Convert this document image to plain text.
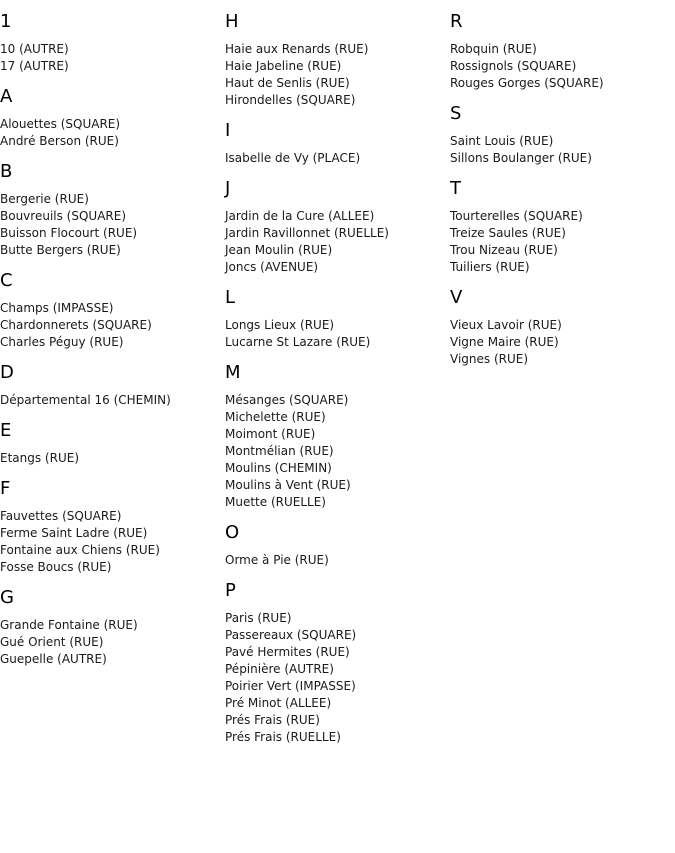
1
10 (AUTRE)
17 (AUTRE)
A
Alouettes (SQUARE)
André Berson (RUE)
B
Bergerie (RUE)
Bouvreuils (SQUARE)
Buisson Flocourt (RUE)
Butte Bergers (RUE)
C
Champs (IMPASSE)
Chardonnerets (SQUARE)
Charles Péguy (RUE)
D
Départemental 16 (CHEMIN)
E
Etangs (RUE)
F
Fauvettes (SQUARE)
Ferme Saint Ladre (RUE)
Fontaine aux Chiens (RUE)
Fosse Boucs (RUE)
G
Grande Fontaine (RUE)
Gué Orient (RUE)
Guepelle (AUTRE)
H
Haie aux Renards (RUE)
Haie Jabeline (RUE)
Haut de Senlis (RUE)
Hirondelles (SQUARE)
I
Isabelle de Vy (PLACE)
J
Jardin de la Cure (ALLEE)
Jardin Ravillonnet (RUELLE)
Jean Moulin (RUE)
Joncs (AVENUE)
L
Longs Lieux (RUE)
Lucarne St Lazare (RUE)
M
Mésanges (SQUARE)
Michelette (RUE)
Moimont (RUE)
Montmélian (RUE)
Moulins (CHEMIN)
Moulins à Vent (RUE)
Muette (RUELLE)
O
Orme à Pie (RUE)
P
Paris (RUE)
Passereaux (SQUARE)
Pavé Hermites (RUE)
Pépinière (AUTRE)
Poirier Vert (IMPASSE)
Pré Minot (ALLEE)
Prés Frais (RUE)
Prés Frais (RUELLE)
R
Robquin (RUE)
Rossignols (SQUARE)
Rouges Gorges (SQUARE)
S
Saint Louis (RUE)
Sillons Boulanger (RUE)
T
Tourterelles (SQUARE)
Treize Saules (RUE)
Trou Nizeau (RUE)
Tuiliers (RUE)
V
Vieux Lavoir (RUE)
Vigne Maire (RUE)
Vignes (RUE)
